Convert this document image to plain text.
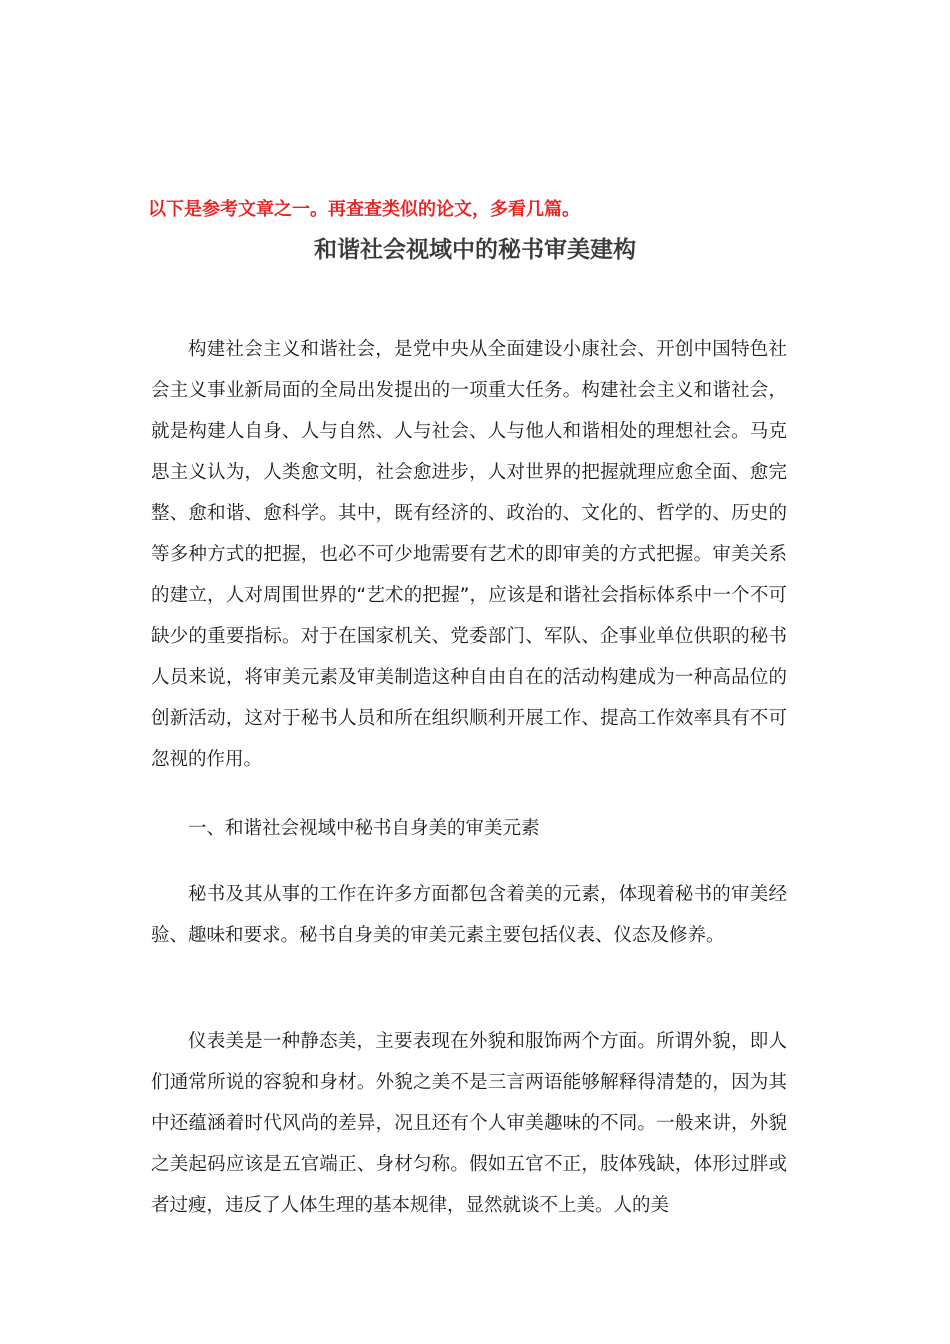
以下是参考文章之一。再查查类似的论文，多看几篇。
和谐社会视域中的秘书审美建构

构建社会主义和谐社会，是党中央从全面建设小康社会、开创中国特色社会主义事业新局面的全局出发提出的一项重大任务。构建社会主义和谐社会，就是构建人自身、人与自然、人与社会、人与他人和谐相处的理想社会。马克思主义认为，人类愈文明，社会愈进步，人对世界的把握就理应愈全面、愈完整、愈和谐、愈科学。其中，既有经济的、政治的、文化的、哲学的、历史的等多种方式的把握，也必不可少地需要有艺术的即审美的方式把握。审美关系的建立，人对周围世界的“艺术的把握”，应该是和谐社会指标体系中一个不可缺少的重要指标。对于在国家机关、党委部门、军队、企事业单位供职的秘书人员来说，将审美元素及审美制造这种自由自在的活动构建成为一种高品位的创新活动，这对于秘书人员和所在组织顺利开展工作、提高工作效率具有不可忽视的作用。

一、和谐社会视域中秘书自身美的审美元素

秘书及其从事的工作在许多方面都包含着美的元素，体现着秘书的审美经验、趣味和要求。秘书自身美的审美元素主要包括仪表、仪态及修养。

仪表美是一种静态美，主要表现在外貌和服饰两个方面。所谓外貌，即人们通常所说的容貌和身材。外貌之美不是三言两语能够解释得清楚的，因为其中还蕴涵着时代风尚的差异，况且还有个人审美趣味的不同。一般来讲，外貌之美起码应该是五官端正、身材匀称。假如五官不正，肢体残缺，体形过胖或者过瘦，违反了人体生理的基本规律，显然就谈不上美。人的美
